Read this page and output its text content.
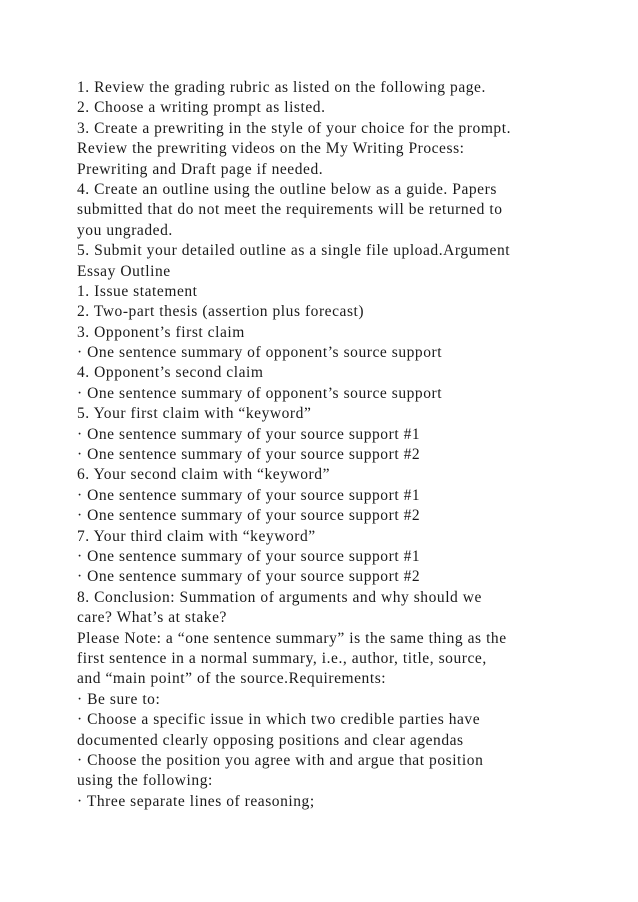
1. Review the grading rubric as listed on the following page.
2. Choose a writing prompt as listed.
3. Create a prewriting in the style of your choice for the prompt.
Review the prewriting videos on the My Writing Process:
Prewriting and Draft page if needed.
4. Create an outline using the outline below as a guide. Papers
submitted that do not meet the requirements will be returned to
you ungraded.
5. Submit your detailed outline as a single file upload.Argument
Essay Outline
1. Issue statement
2. Two-part thesis (assertion plus forecast)
3. Opponent’s first claim
· One sentence summary of opponent’s source support
4. Opponent’s second claim
· One sentence summary of opponent’s source support
5. Your first claim with “keyword”
· One sentence summary of your source support #1
· One sentence summary of your source support #2
6. Your second claim with “keyword”
· One sentence summary of your source support #1
· One sentence summary of your source support #2
7. Your third claim with “keyword”
· One sentence summary of your source support #1
· One sentence summary of your source support #2
8. Conclusion: Summation of arguments and why should we
care? What’s at stake?
Please Note: a “one sentence summary” is the same thing as the
first sentence in a normal summary, i.e., author, title, source,
and “main point” of the source.Requirements:
· Be sure to:
· Choose a specific issue in which two credible parties have
documented clearly opposing positions and clear agendas
· Choose the position you agree with and argue that position
using the following:
· Three separate lines of reasoning;
